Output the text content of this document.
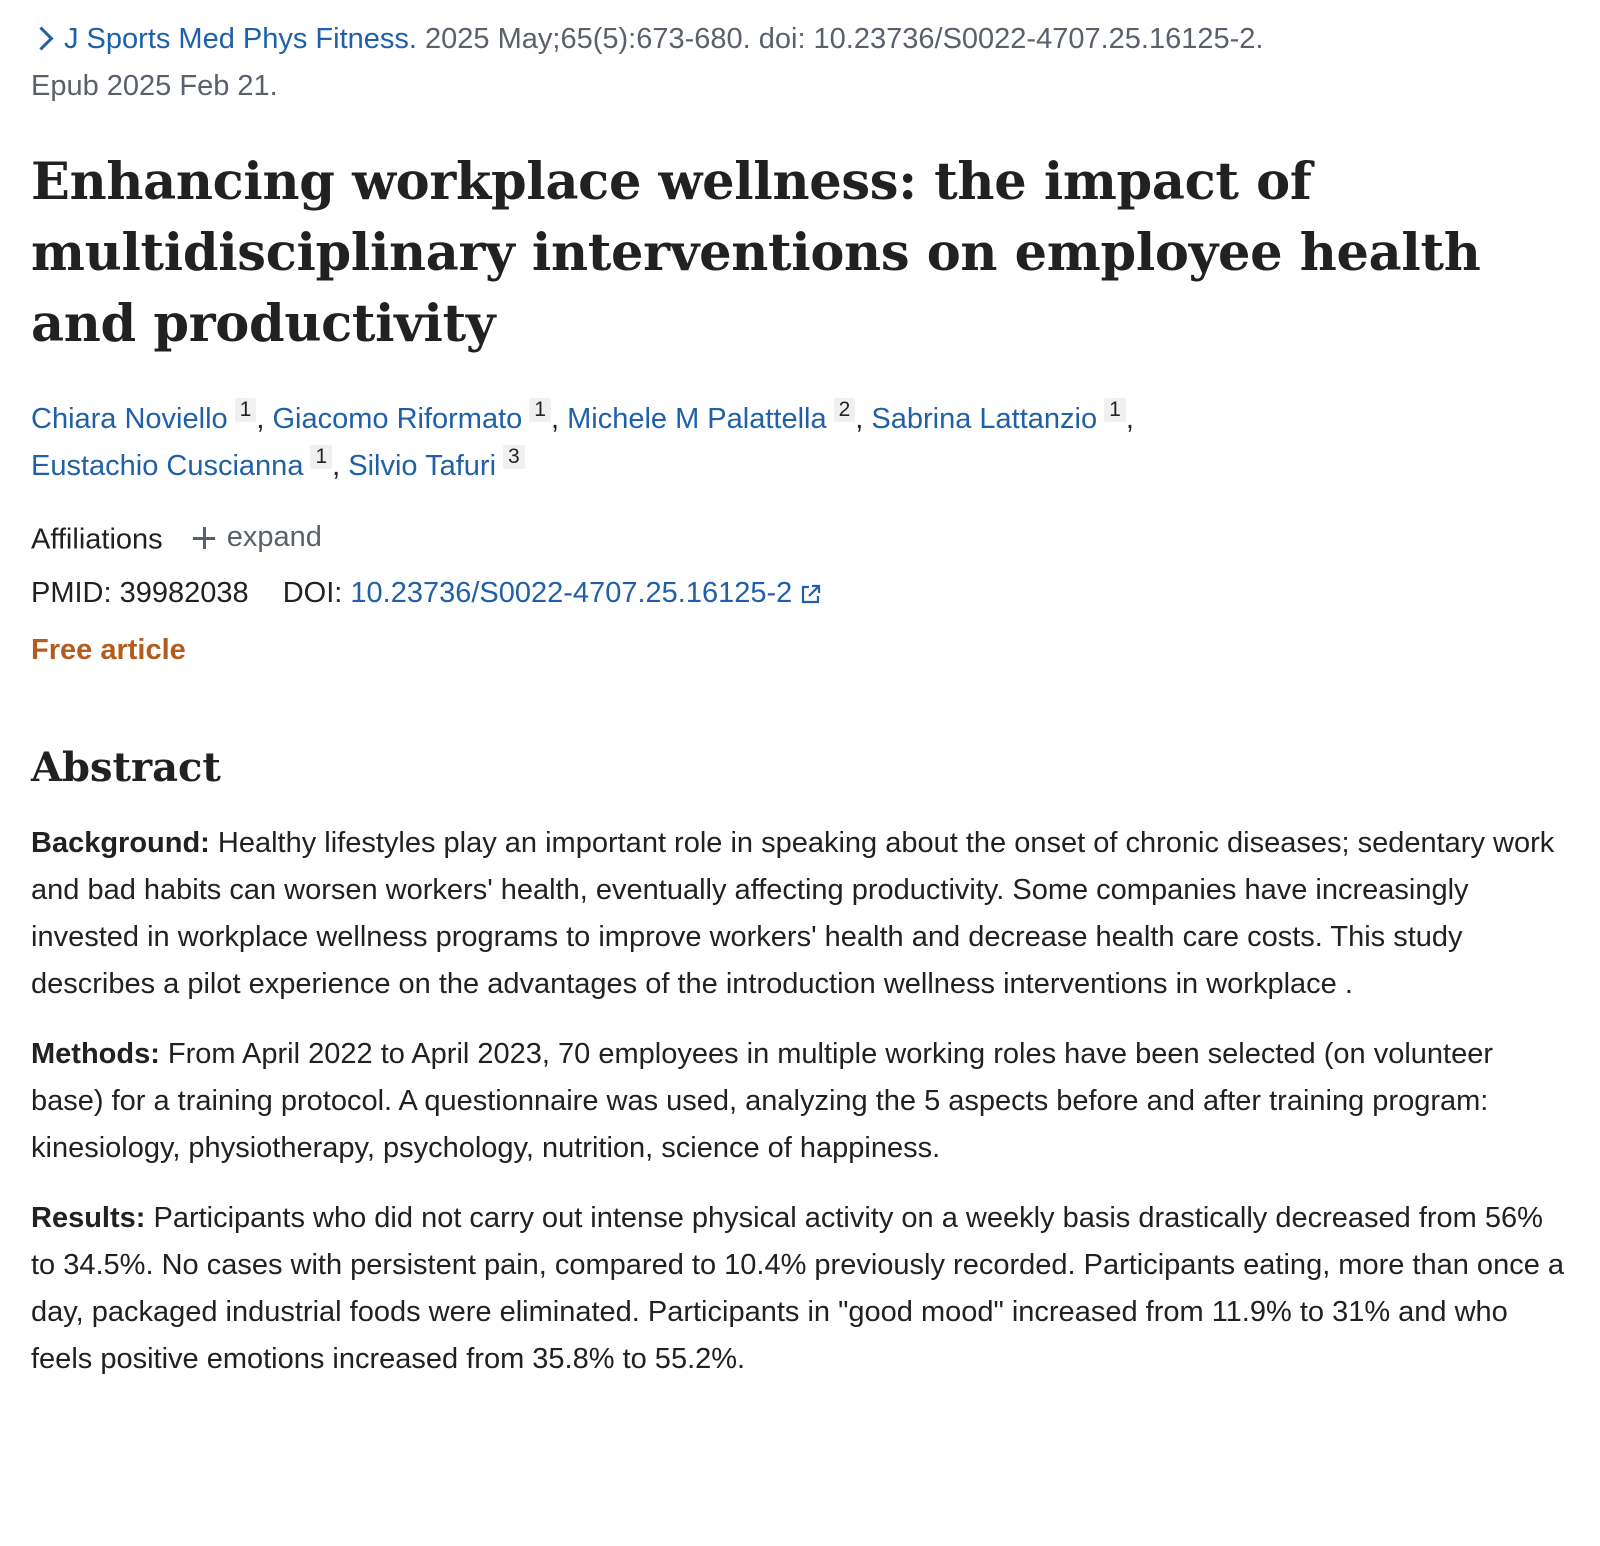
J Sports Med Phys Fitness. 2025 May;65(5):673-680. doi: 10.23736/S0022-4707.25.16125-2.
Epub 2025 Feb 21.

Enhancing workplace wellness: the impact of
multidisciplinary interventions on employee health
and productivity
Chiara Noviello 1 , Giacomo Riformato 1 , Michele M Palattella 2 , Sabrina Lattanzio 1 ,
Eustachio Cuscianna 1 , Silvio Tafuri 3
Affiliations expand
PMID: 39982038 DOI: 10.23736/S0022-4707.25.16125-2
Free article
Abstract

Background: Healthy lifestyles play an important role in speaking about the onset of chronic diseases; sedentary work and bad habits can worsen workers' health, eventually affecting productivity. Some companies have increasingly invested in workplace wellness programs to improve workers' health and decrease health care costs. This study describes a pilot experience on the advantages of the introduction wellness interventions in workplace .

Methods: From April 2022 to April 2023, 70 employees in multiple working roles have been selected (on volunteer base) for a training protocol. A questionnaire was used, analyzing the 5 aspects before and after training program: kinesiology, physiotherapy, psychology, nutrition, science of happiness.

Results: Participants who did not carry out intense physical activity on a weekly basis drastically decreased from 56% to 34.5%. No cases with persistent pain, compared to 10.4% previously recorded. Participants eating, more than once a day, packaged industrial foods were eliminated. Participants in "good mood" increased from 11.9% to 31% and who feels positive emotions increased from 35.8% to 55.2%.
